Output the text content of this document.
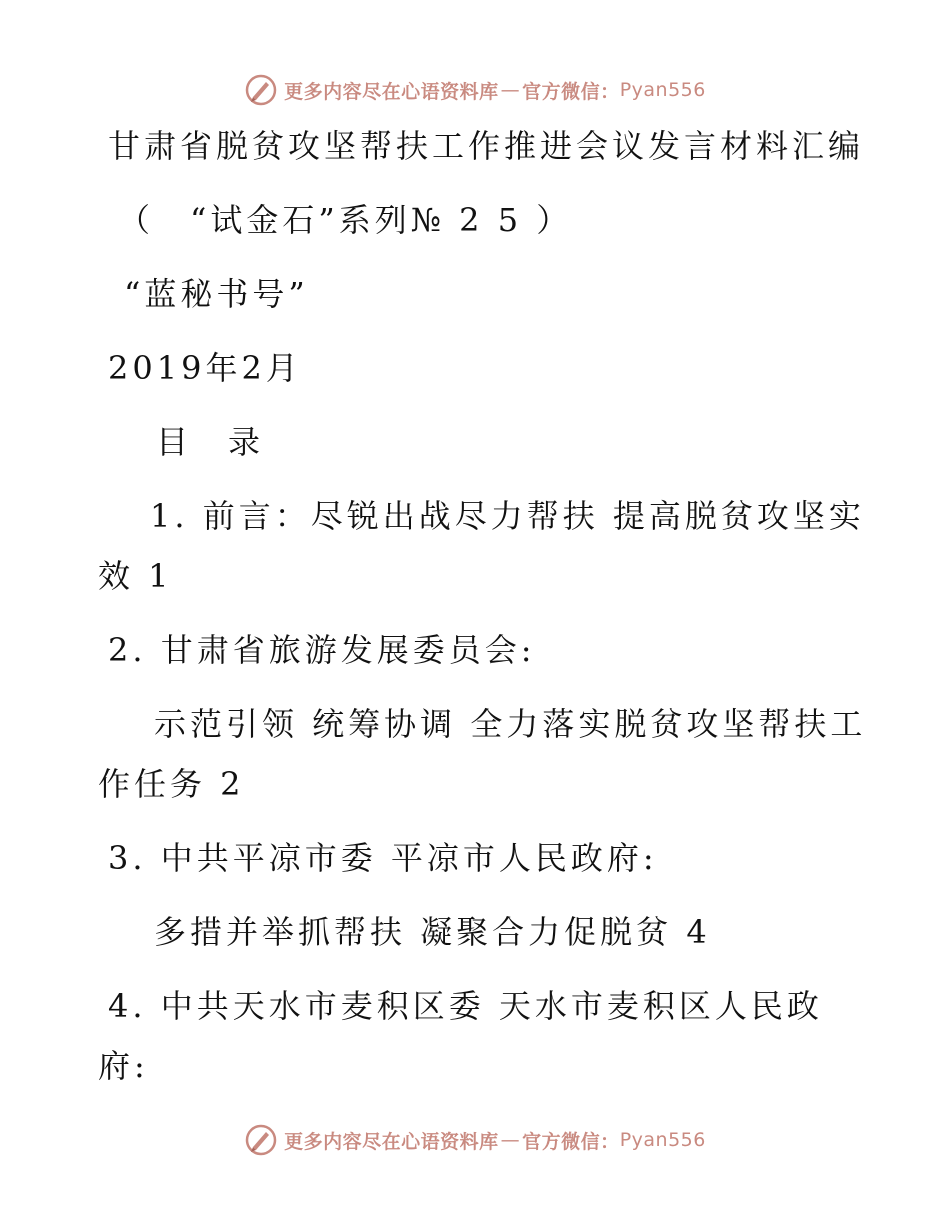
更多内容尽在心语资料库 — 官方微信： Pyan556
甘肃省脱贫攻坚帮扶工作推进会议发言材料汇编
（　“试金石”系列№ 2 5 ）
“蓝秘书号”
2019年2月
目　录
1. 前言：尽锐出战尽力帮扶 提高脱贫攻坚实
效 1
2. 甘肃省旅游发展委员会:
示范引领 统筹协调 全力落实脱贫攻坚帮扶工
作任务 2
3. 中共平凉市委 平凉市人民政府:
多措并举抓帮扶 凝聚合力促脱贫 4
4. 中共天水市麦积区委 天水市麦积区人民政
府:
更多内容尽在心语资料库 — 官方微信： Pyan556
